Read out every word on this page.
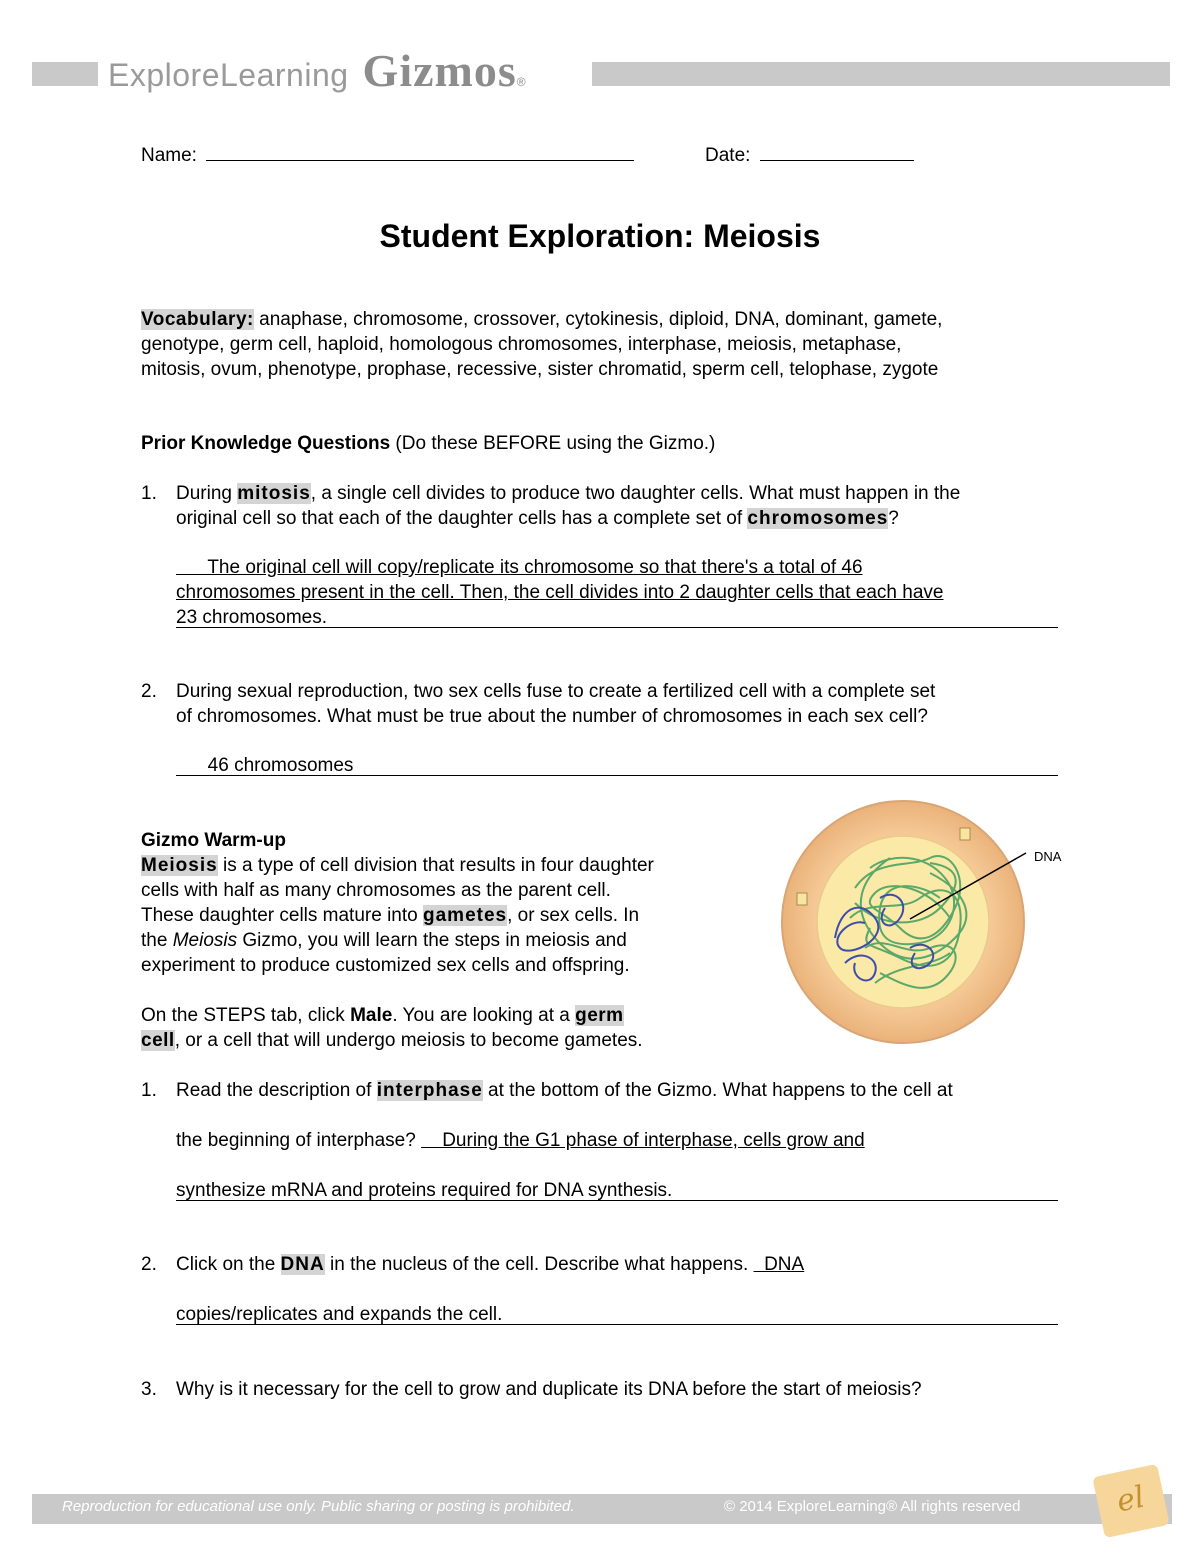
ExploreLearning Gizmos ®
Name:	Date:
Student Exploration: Meiosis
Vocabulary: anaphase, chromosome, crossover, cytokinesis, diploid, DNA, dominant, gamete,
genotype, germ cell, haploid, homologous chromosomes, interphase, meiosis, metaphase,
mitosis, ovum, phenotype, prophase, recessive, sister chromatid, sperm cell, telophase, zygote
Prior Knowledge Questions (Do these BEFORE using the Gizmo.)
1. During mitosis, a single cell divides to produce two daughter cells. What must happen in the
original cell so that each of the daughter cells has a complete set of chromosomes?
The original cell will copy/replicate its chromosome so that there's a total of 46
chromosomes present in the cell. Then, the cell divides into 2 daughter cells that each have
23 chromosomes.
2. During sexual reproduction, two sex cells fuse to create a fertilized cell with a complete set
of chromosomes. What must be true about the number of chromosomes in each sex cell?
46 chromosomes
Gizmo Warm-up
Meiosis is a type of cell division that results in four daughter
cells with half as many chromosomes as the parent cell.
These daughter cells mature into gametes, or sex cells. In
the Meiosis Gizmo, you will learn the steps in meiosis and
experiment to produce customized sex cells and offspring.
On the STEPS tab, click Male. You are looking at a germ
cell, or a cell that will undergo meiosis to become gametes.
DNA
1. Read the description of interphase at the bottom of the Gizmo. What happens to the cell at
the beginning of interphase?     During the G1 phase of interphase, cells grow and
synthesize mRNA and proteins required for DNA synthesis.
2. Click on the DNA in the nucleus of the cell. Describe what happens.   DNA
copies/replicates and expands the cell.
3. Why is it necessary for the cell to grow and duplicate its DNA before the start of meiosis?
Reproduction for educational use only. Public sharing or posting is prohibited.	© 2014 ExploreLearning® All rights reserved	el
